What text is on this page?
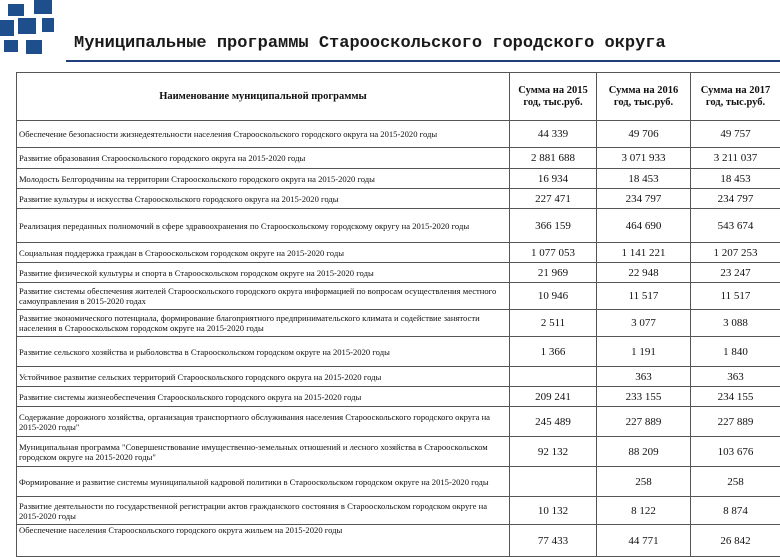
Муниципальные программы Старооскольского городского округа
Наименование муниципальной программы	Сумма на 2015 год, тыс.руб.	Сумма на 2016 год, тыс.руб.	Сумма на 2017 год, тыс.руб.
Обеспечение безопасности жизнедеятельности населения Старооскольского городского округа на 2015-2020 годы	44 339	49 706	49 757
Развитие образования Старооскольского городского округа на 2015-2020 годы	2 881 688	3 071 933	3 211 037
Молодость Белгородчины на территории Старооскольского городского округа на 2015-2020 годы	16 934	18 453	18 453
Развитие культуры и искусства Старооскольского городского округа на 2015-2020 годы	227 471	234 797	234 797
Реализация переданных полномочий в сфере здравоохранения по Старооскольскому городскому округу на 2015-2020 годы	366 159	464 690	543 674
Социальная поддержка граждан в Старооскольском городском округе на 2015-2020 годы	1 077 053	1 141 221	1 207 253
Развитие физической культуры и спорта в Старооскольском городском округе на 2015-2020 годы	21 969	22 948	23 247
Развитие системы обеспечения жителей Старооскольского городского округа информацией по вопросам осуществления местного самоуправления в 2015-2020 годах	10 946	11 517	11 517
Развитие экономического потенциала, формирование благоприятного предпринимательского климата и содействие занятости населения в Старооскольском городском округе на 2015-2020 годы	2 511	3 077	3 088
Развитие сельского хозяйства и рыболовства в Старооскольском городском округе на 2015-2020 годы	1 366	1 191	1 840
Устойчивое развитие сельских территорий Старооскольского городского округа на 2015-2020 годы		363	363
Развитие системы жизнеобеспечения Старооскольского городского округа на 2015-2020 годы	209 241	233 155	234 155
Содержание дорожного хозяйства, организация транспортного обслуживания населения Старооскольского городского округа на 2015-2020 годы"	245 489	227 889	227 889
Муниципальная программа "Совершенствование имущественно-земельных отношений и лесного хозяйства в Старооскольском городском округе на 2015-2020 годы"	92 132	88 209	103 676
Формирование и развитие системы муниципальной кадровой политики в Старооскольском городском округе на 2015-2020 годы		258	258
Развитие деятельности по государственной регистрации актов гражданского состояния в Старооскольском городском округе на 2015-2020 годы	10 132	8 122	8 874
Обеспечение населения Старооскольского городского округа жильем на 2015-2020 годы	77 433	44 771	26 842
